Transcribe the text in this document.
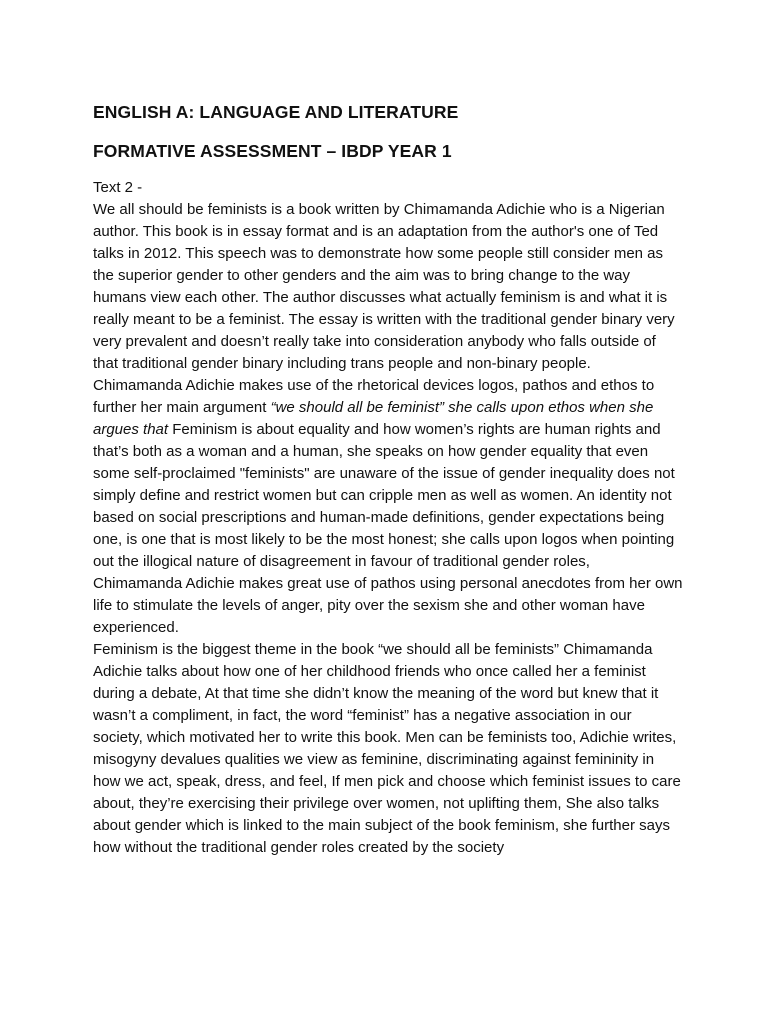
ENGLISH A: LANGUAGE AND LITERATURE

FORMATIVE ASSESSMENT – IBDP YEAR 1

Text 2 -

We all should be feminists is a book written by Chimamanda Adichie who is a Nigerian author. This book is in essay format and is an adaptation from the author's one of Ted talks in 2012. This speech was to demonstrate how some people still consider men as the superior gender to other genders and the aim was to bring change to the way humans view each other. The author discusses what actually feminism is and what it is really meant to be a feminist. The essay is written with the traditional gender binary very very prevalent and doesn’t really take into consideration anybody who falls outside of that traditional gender binary including trans people and non-binary people. Chimamanda Adichie makes use of the rhetorical devices logos, pathos and ethos to further her main argument “we should all be feminist” she calls upon ethos when she argues that Feminism is about equality and how women’s rights are human rights and that’s both as a woman and a human, she speaks on how gender equality that even some self-proclaimed "feminists" are unaware of the issue of gender inequality does not simply define and restrict women but can cripple men as well as women. An identity not based on social prescriptions and human-made definitions, gender expectations being one, is one that is most likely to be the most honest; she calls upon logos when pointing out the illogical nature of disagreement in favour of traditional gender roles, Chimamanda Adichie makes great use of pathos using personal anecdotes from her own life to stimulate the levels of anger, pity over the sexism she and other woman have experienced.

Feminism is the biggest theme in the book “we should all be feminists” Chimamanda Adichie talks about how one of her childhood friends who once called her a feminist during a debate, At that time she didn’t know the meaning of the word but knew that it wasn’t a compliment, in fact, the word “feminist” has a negative association in our society, which motivated her to write this book. Men can be feminists too, Adichie writes, misogyny devalues qualities we view as feminine, discriminating against femininity in how we act, speak, dress, and feel, If men pick and choose which feminist issues to care about, they’re exercising their privilege over women, not uplifting them, She also talks about gender which is linked to the main subject of the book feminism, she further says how without the traditional gender roles created by the society
